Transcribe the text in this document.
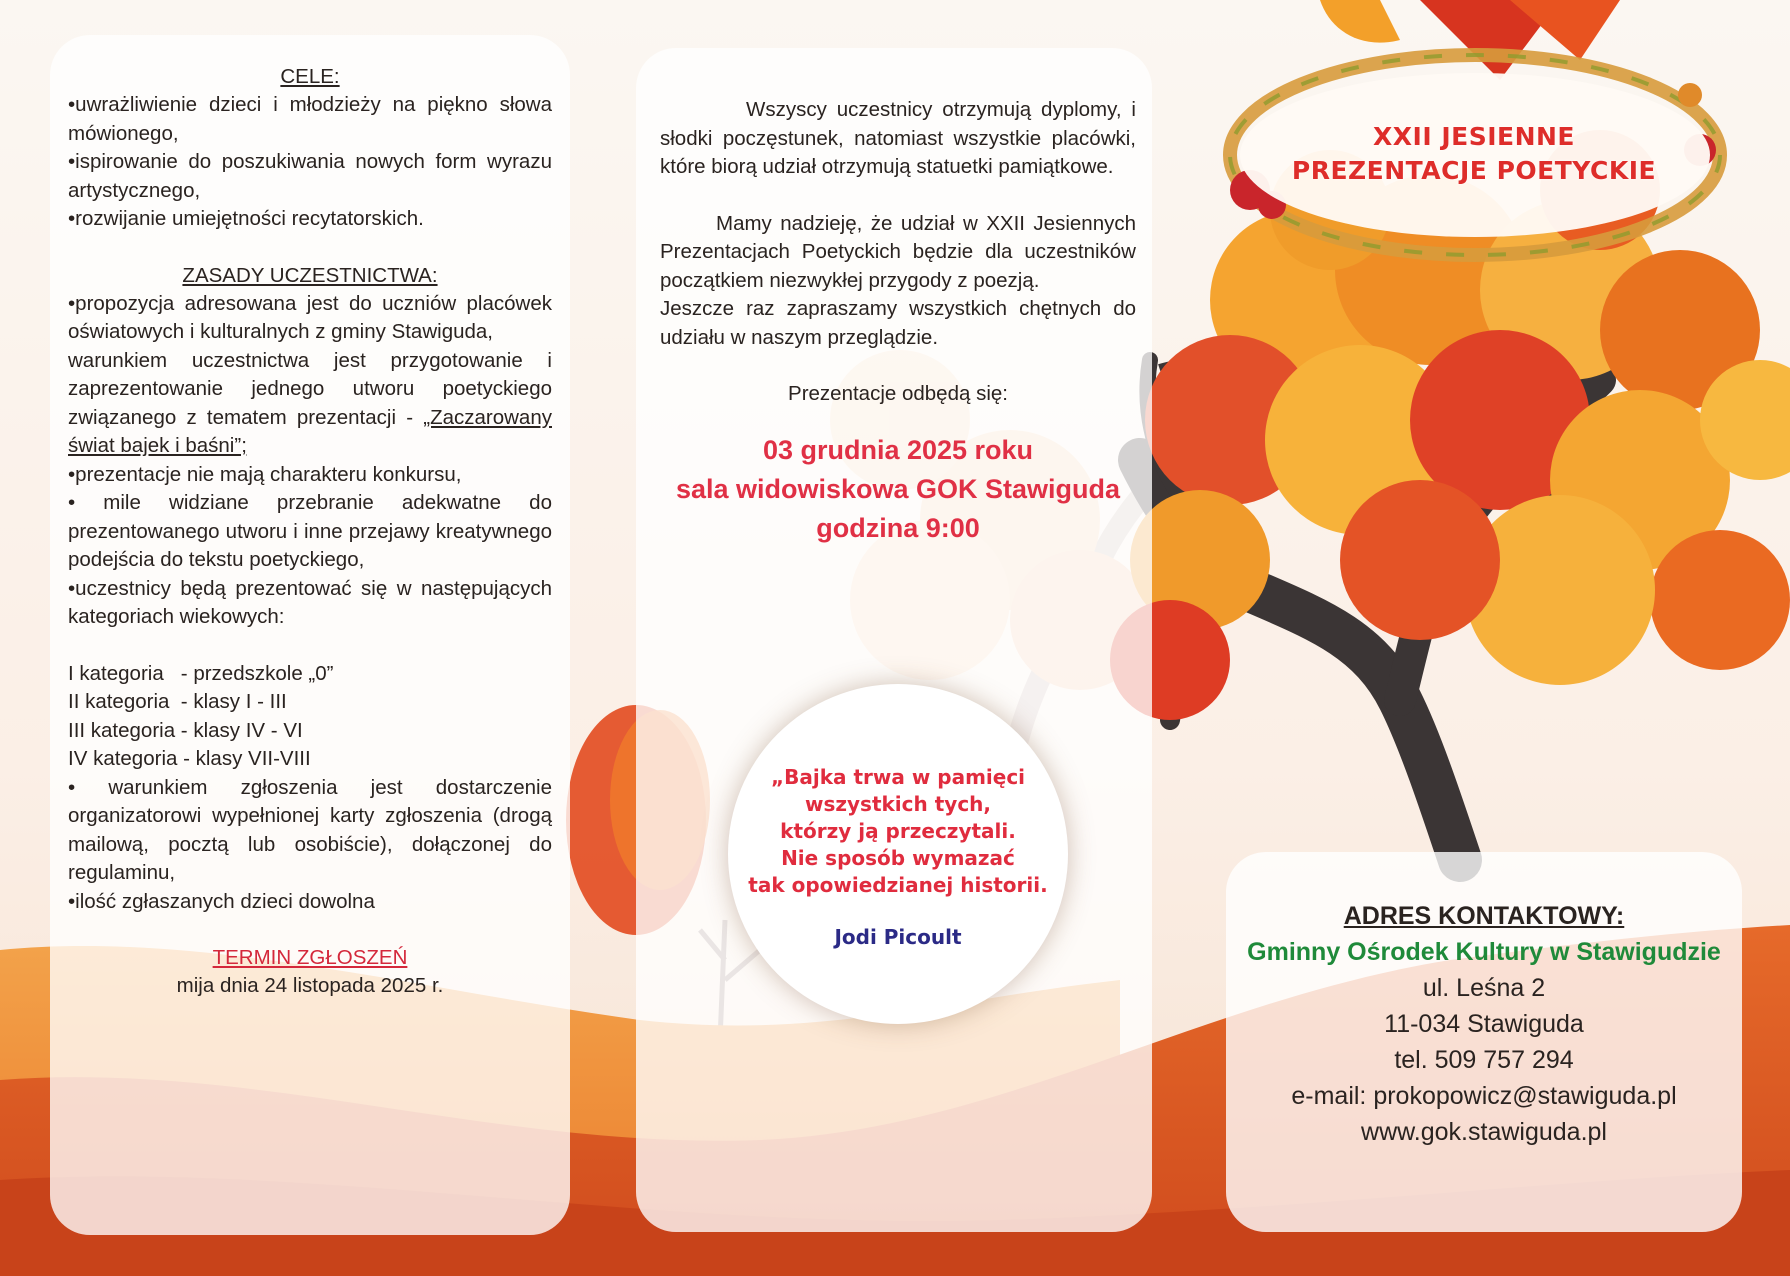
CELE:
•uwrażliwienie dzieci i młodzieży na piękno słowa mówionego,
•ispirowanie do poszukiwania nowych form wyrazu artystycznego,
•rozwijanie umiejętności recytatorskich.
ZASADY UCZESTNICTWA:
•propozycja adresowana jest do uczniów placówek oświatowych i kulturalnych z gminy Stawiguda,
warunkiem uczestnictwa jest przygotowanie i zaprezentowanie jednego utworu poetyckiego związanego z tematem prezentacji - „Zaczarowany świat bajek i baśni”;
•prezentacje nie mają charakteru konkursu,
• mile widziane przebranie adekwatne do prezentowanego utworu i inne przejawy kreatywnego podejścia do tekstu poetyckiego,
•uczestnicy będą prezentować się w następujących kategoriach wiekowych:
I kategoria   - przedszkole „0”
II kategoria  - klasy I - III
III kategoria - klasy IV - VI
IV kategoria - klasy VII-VIII
• warunkiem zgłoszenia jest dostarczenie organizatorowi wypełnionej karty zgłoszenia (drogą mailową, pocztą lub osobiście), dołączonej do regulaminu,
•ilość zgłaszanych dzieci dowolna
TERMIN ZGŁOSZEŃ
mija dnia 24 listopada 2025 r.
Wszyscy uczestnicy otrzymują dyplomy, i słodki poczęstunek, natomiast wszystkie placówki, które biorą udział otrzymują statuetki pamiątkowe.
Mamy nadzieję, że udział w XXII Jesiennych Prezentacjach Poetyckich będzie dla uczestników początkiem niezwykłej przygody z poezją.
Jeszcze raz zapraszamy wszystkich chętnych do udziału w naszym przeglądzie.
Prezentacje odbędą się:
03 grudnia 2025 roku
sala widowiskowa GOK Stawiguda
godzina 9:00
„Bajka trwa w pamięci
wszystkich tych,
którzy ją przeczytali.
Nie sposób wymazać
tak opowiedzianej historii.
Jodi Picoult
XXII JESIENNE
PREZENTACJE POETYCKIE
ADRES KONTAKTOWY:
Gminny Ośrodek Kultury w Stawigudzie
ul. Leśna 2
11-034 Stawiguda
tel. 509 757 294
e-mail: prokopowicz@stawiguda.pl
www.gok.stawiguda.pl
